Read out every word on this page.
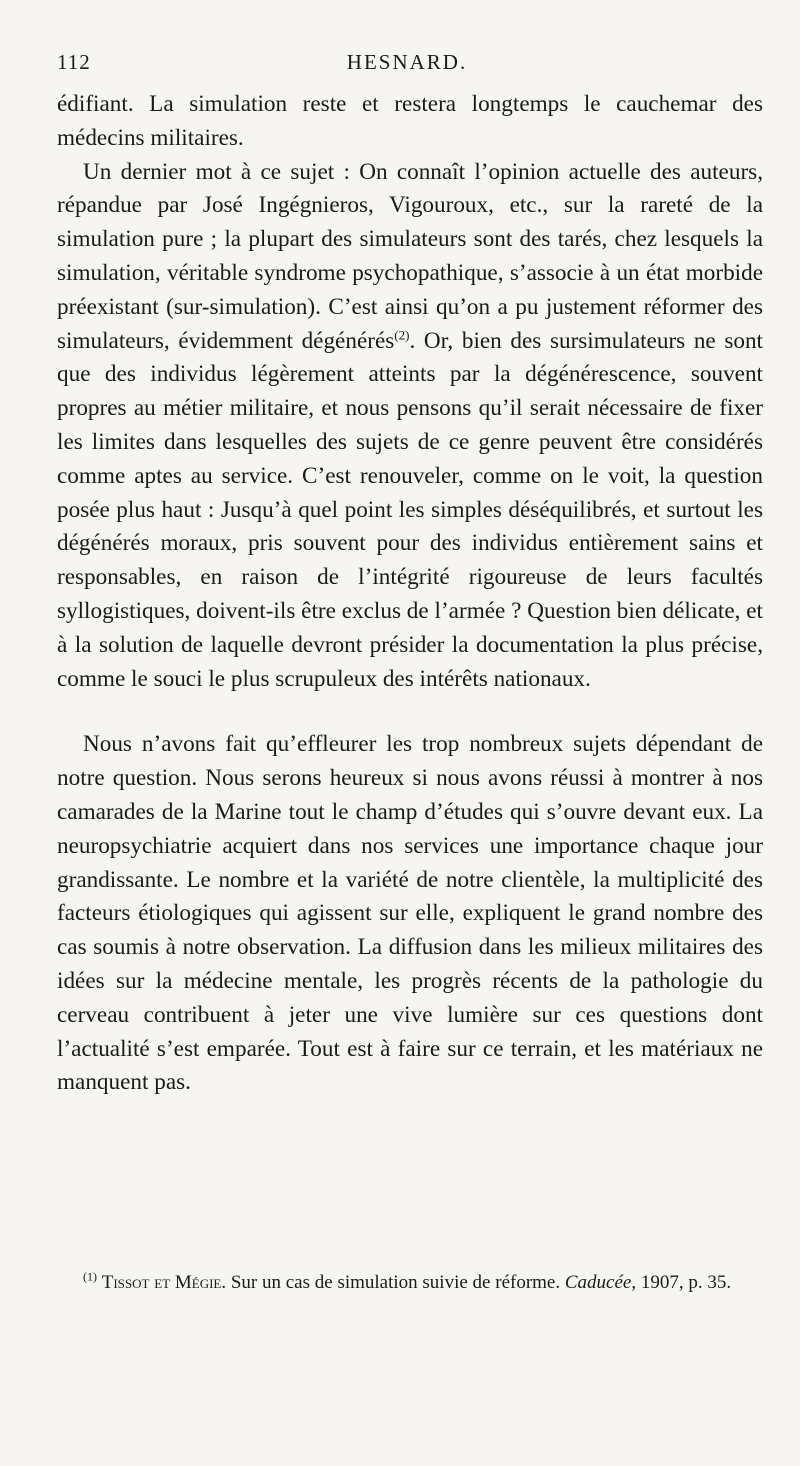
112	HESNARD.

édifiant. La simulation reste et restera longtemps le cauchemar des médecins militaires.

Un dernier mot à ce sujet : On connaît l’opinion actuelle des auteurs, répandue par José Ingégnieros, Vigouroux, etc., sur la rareté de la simulation pure ; la plupart des simulateurs sont des tarés, chez lesquels la simulation, véritable syndrome psychopathique, s’associe à un état morbide préexistant (sur-simulation). C’est ainsi qu’on a pu justement réformer des simulateurs, évidemment dégénérés$^{(2)}$. Or, bien des sursimulateurs ne sont que des individus légèrement atteints par la dégénérescence, souvent propres au métier militaire, et nous pensons qu’il serait nécessaire de fixer les limites dans lesquelles des sujets de ce genre peuvent être considérés comme aptes au service. C’est renouveler, comme on le voit, la question posée plus haut : Jusqu’à quel point les simples déséquilibrés, et surtout les dégénérés moraux, pris souvent pour des individus entièrement sains et responsables, en raison de l’intégrité rigoureuse de leurs facultés syllogistiques, doivent-ils être exclus de l’armée ? Question bien délicate, et à la solution de laquelle devront présider la documentation la plus précise, comme le souci le plus scrupuleux des intérêts nationaux.

Nous n’avons fait qu’effleurer les trop nombreux sujets dépendant de notre question. Nous serons heureux si nous avons réussi à montrer à nos camarades de la Marine tout le champ d’études qui s’ouvre devant eux. La neuropsychiatrie acquiert dans nos services une importance chaque jour grandissante. Le nombre et la variété de notre clientèle, la multiplicité des facteurs étiologiques qui agissent sur elle, expliquent le grand nombre des cas soumis à notre observation. La diffusion dans les milieux militaires des idées sur la médecine mentale, les progrès récents de la pathologie du cerveau contribuent à jeter une vive lumière sur ces questions dont l’actualité s’est emparée. Tout est à faire sur ce terrain, et les matériaux ne manquent pas.

$^{(1)}$ Tissot et Mégie. Sur un cas de simulation suivie de réforme. Caducée, 1907, p. 35.
